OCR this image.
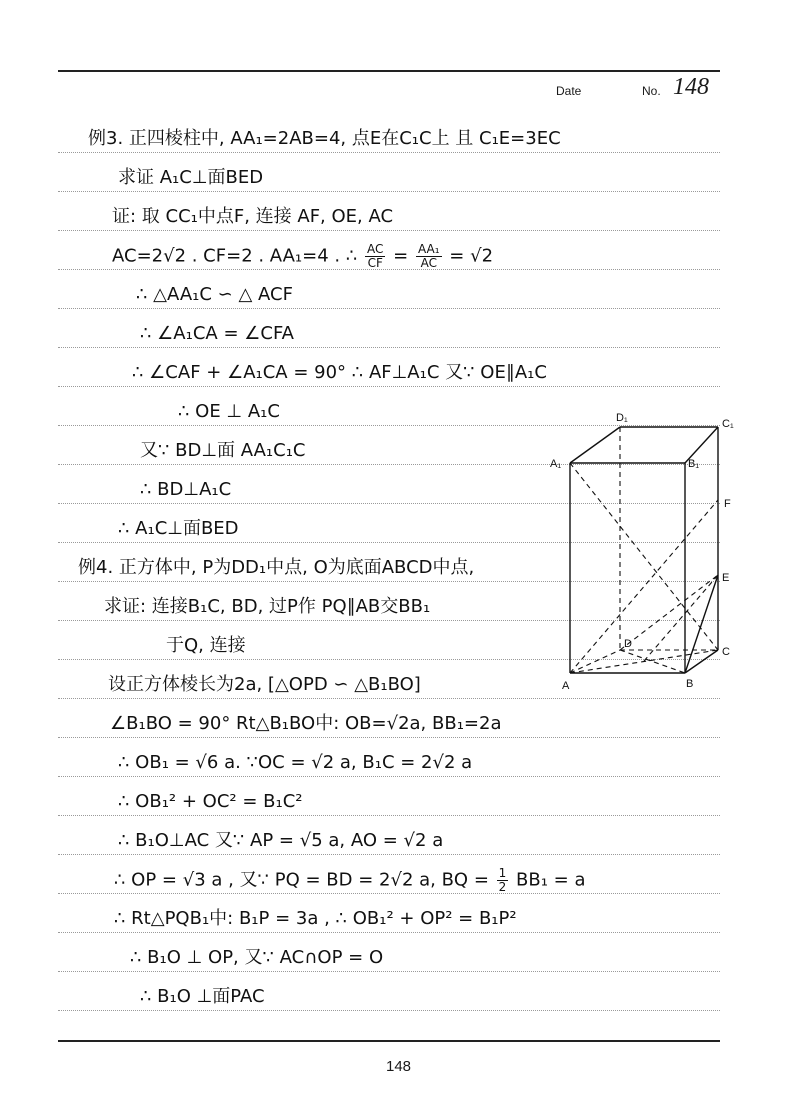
Date	No. 148
例3. 正四棱柱中, AA₁=2AB=4, 点E在C₁C上 且 C₁E=3EC
求证 A₁C⊥面BED
证: 取 CC₁中点F, 连接 AF, OE, AC
AC=2√2 . CF=2 . AA₁=4 . ∴ $\frac{AC}{CF} = \frac{\text{AA₁}}{AC} = √2$
∴ △AA₁C ∽ △ ACF
∴ ∠A₁CA = ∠CFA
∴ ∠CAF + ∠A₁CA = 90° ∴ AF⊥A₁C 又∵ OE∥A₁C
∴ OE ⊥ A₁C
又∵ BD⊥面 AA₁C₁C
∴ BD⊥A₁C
∴ A₁C⊥面BED
例4. 正方体中, P为DD₁中点, O为底面ABCD中点,
求证: 连接B₁C, BD, 过P作 PQ∥AB交BB₁
于Q, 连接
设正方体棱长为2a, [△OPD ∽ △B₁BO]
∠B₁BO = 90° Rt△B₁BO中: OB=√2a, BB₁=2a
∴ OB₁ = √6 a. ∵OC = √2 a, B₁C = 2√2 a
∴ OB₁² + OC² = B₁C²
∴ B₁O⊥AC 又∵ AP = √5 a, AO = √2 a
∴ OP = √3 a , 又∵ PQ = BD = 2√2 a, BQ = $\frac{1}{2} BB_1 = a$
∴ Rt△PQB₁中: B₁P = 3a , ∴ OB₁² + OP² = B₁P²
∴ B₁O ⊥ OP, 又∵ AC∩OP = O
∴ B₁O ⊥面PAC
D₁	C₁
A₁	B₁
F
E
D
C
A	B
148
